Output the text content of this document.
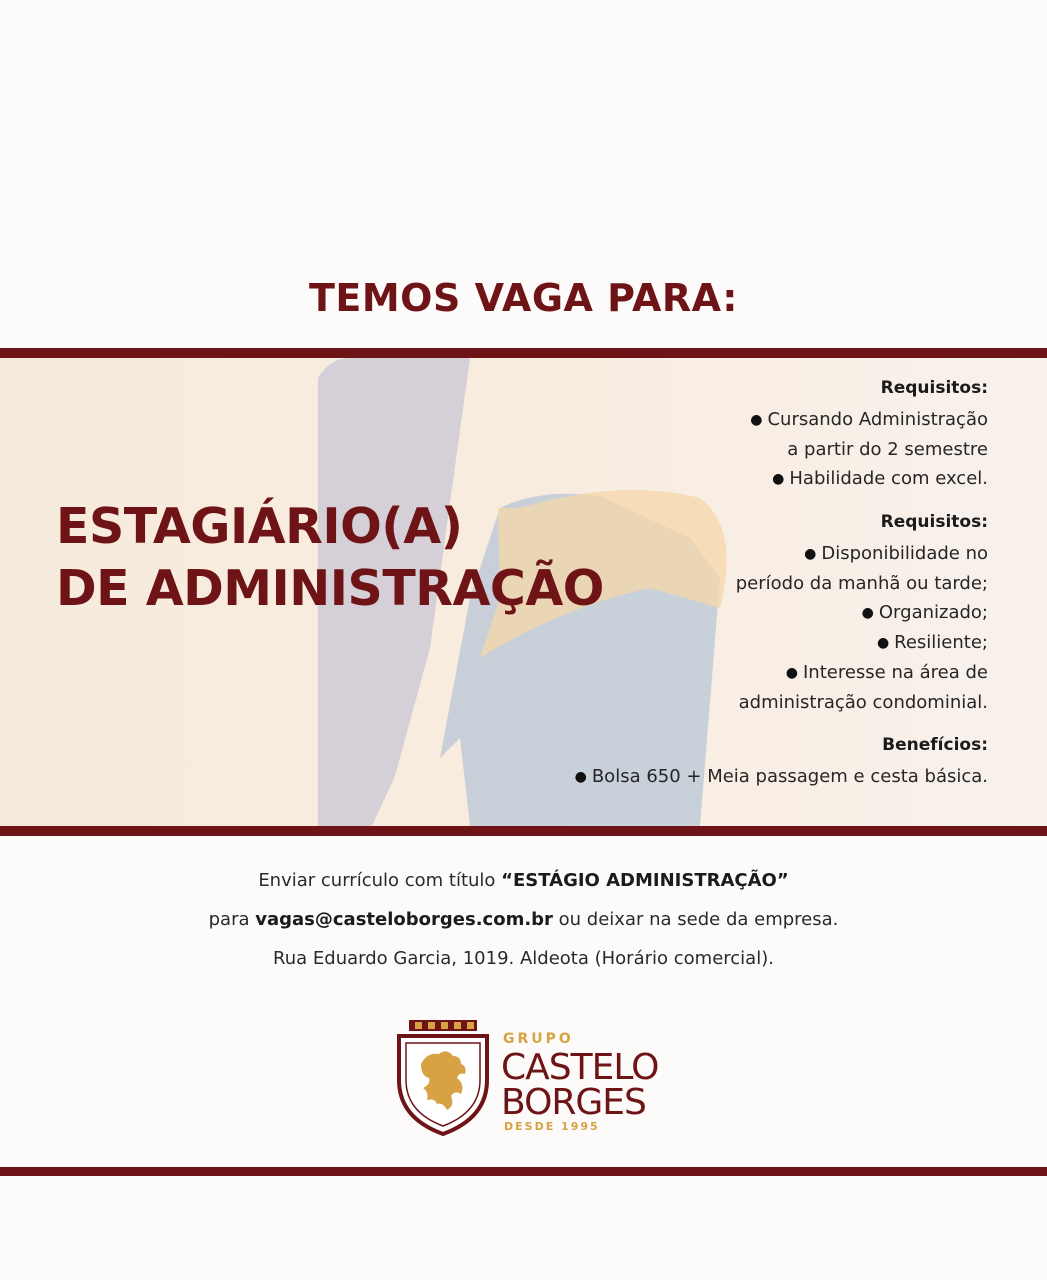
TEMOS VAGA PARA:
ESTAGIÁRIO(A)
DE ADMINISTRAÇÃO
Requisitos:
● Cursando Administração
a partir do 2 semestre
● Habilidade com excel.
Requisitos:
● Disponibilidade no
período da manhã ou tarde;
● Organizado;
● Resiliente;
● Interesse na área de
administração condominial.
Benefícios:
● Bolsa 650 + Meia passagem e cesta básica.
Enviar currículo com título “ESTÁGIO ADMINISTRAÇÃO”
para vagas@casteloborges.com.br ou deixar na sede da empresa.
Rua Eduardo Garcia, 1019. Aldeota (Horário comercial).
GRUPO
CASTELO
BORGES
DESDE 1995
